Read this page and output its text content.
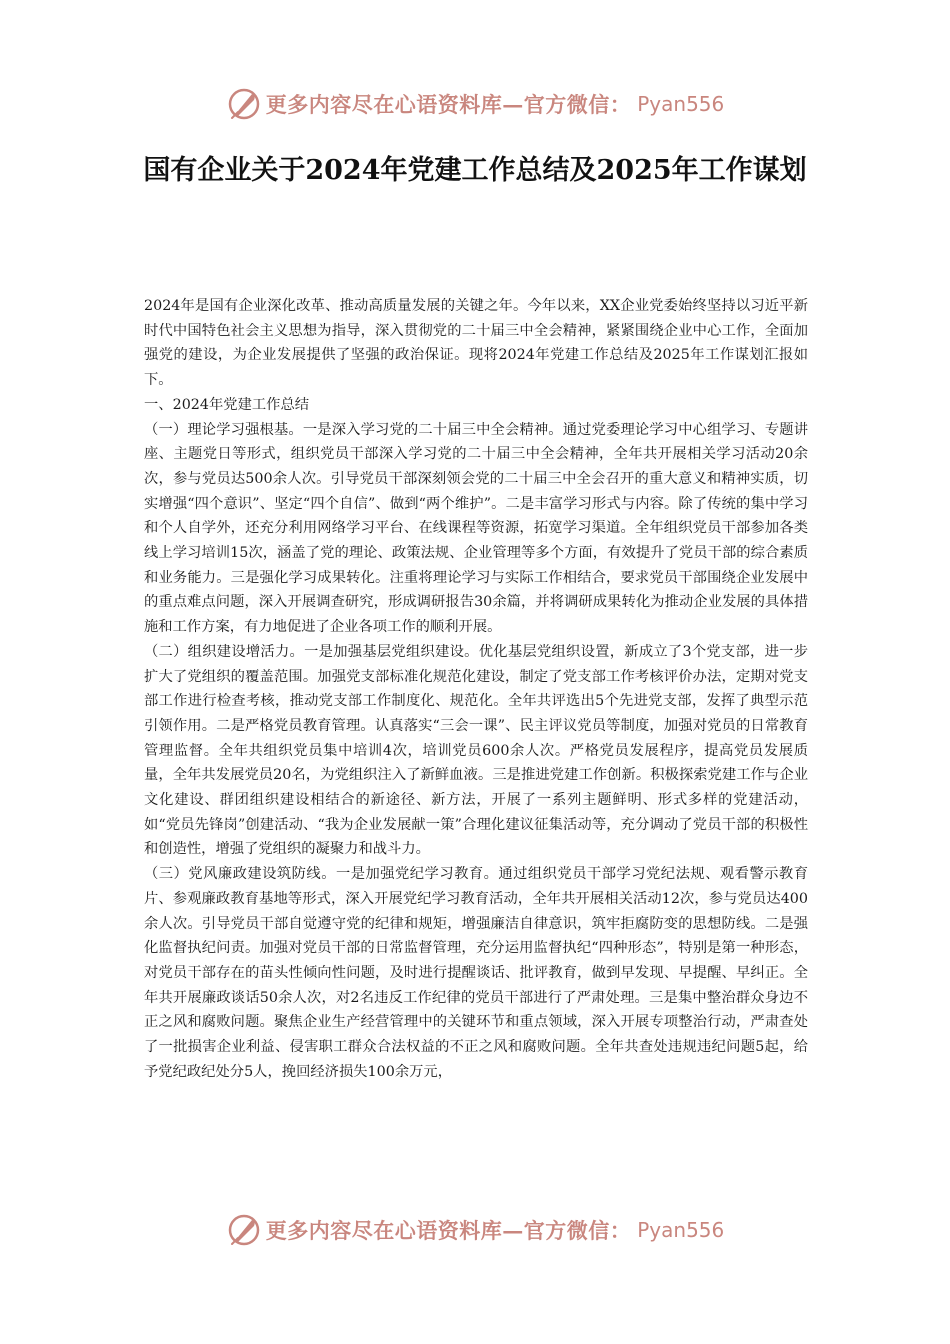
更多内容尽在心语资料库—官方微信： Pyan556
国有企业关于2024年党建工作总结及2025年工作谋划

2024年是国有企业深化改革、推动高质量发展的关键之年。今年以来，XX企业党委始终坚持以习近平新时代中国特色社会主义思想为指导，深入贯彻党的二十届三中全会精神，紧紧围绕企业中心工作，全面加强党的建设，为企业发展提供了坚强的政治保证。现将2024年党建工作总结及2025年工作谋划汇报如下。

一、2024年党建工作总结

（一）理论学习强根基。一是深入学习党的二十届三中全会精神。通过党委理论学习中心组学习、专题讲座、主题党日等形式，组织党员干部深入学习党的二十届三中全会精神，全年共开展相关学习活动20余次，参与党员达500余人次。引导党员干部深刻领会党的二十届三中全会召开的重大意义和精神实质，切实增强“四个意识”、坚定“四个自信”、做到“两个维护”。二是丰富学习形式与内容。除了传统的集中学习和个人自学外，还充分利用网络学习平台、在线课程等资源，拓宽学习渠道。全年组织党员干部参加各类线上学习培训15次，涵盖了党的理论、政策法规、企业管理等多个方面，有效提升了党员干部的综合素质和业务能力。三是强化学习成果转化。注重将理论学习与实际工作相结合，要求党员干部围绕企业发展中的重点难点问题，深入开展调查研究，形成调研报告30余篇，并将调研成果转化为推动企业发展的具体措施和工作方案，有力地促进了企业各项工作的顺利开展。

（二）组织建设增活力。一是加强基层党组织建设。优化基层党组织设置，新成立了3个党支部，进一步扩大了党组织的覆盖范围。加强党支部标准化规范化建设，制定了党支部工作考核评价办法，定期对党支部工作进行检查考核，推动党支部工作制度化、规范化。全年共评选出5个先进党支部，发挥了典型示范引领作用。二是严格党员教育管理。认真落实“三会一课”、民主评议党员等制度，加强对党员的日常教育管理监督。全年共组织党员集中培训4次，培训党员600余人次。严格党员发展程序，提高党员发展质量，全年共发展党员20名，为党组织注入了新鲜血液。三是推进党建工作创新。积极探索党建工作与企业文化建设、群团组织建设相结合的新途径、新方法，开展了一系列主题鲜明、形式多样的党建活动，如“党员先锋岗”创建活动、“我为企业发展献一策”合理化建议征集活动等，充分调动了党员干部的积极性和创造性，增强了党组织的凝聚力和战斗力。

（三）党风廉政建设筑防线。一是加强党纪学习教育。通过组织党员干部学习党纪法规、观看警示教育片、参观廉政教育基地等形式，深入开展党纪学习教育活动，全年共开展相关活动12次，参与党员达400余人次。引导党员干部自觉遵守党的纪律和规矩，增强廉洁自律意识，筑牢拒腐防变的思想防线。二是强化监督执纪问责。加强对党员干部的日常监督管理，充分运用监督执纪“四种形态”，特别是第一种形态，对党员干部存在的苗头性倾向性问题，及时进行提醒谈话、批评教育，做到早发现、早提醒、早纠正。全年共开展廉政谈话50余人次，对2名违反工作纪律的党员干部进行了严肃处理。三是集中整治群众身边不正之风和腐败问题。聚焦企业生产经营管理中的关键环节和重点领域，深入开展专项整治行动，严肃查处了一批损害企业利益、侵害职工群众合法权益的不正之风和腐败问题。全年共查处违规违纪问题5起，给予党纪政纪处分5人，挽回经济损失100余万元，

更多内容尽在心语资料库—官方微信： Pyan556
